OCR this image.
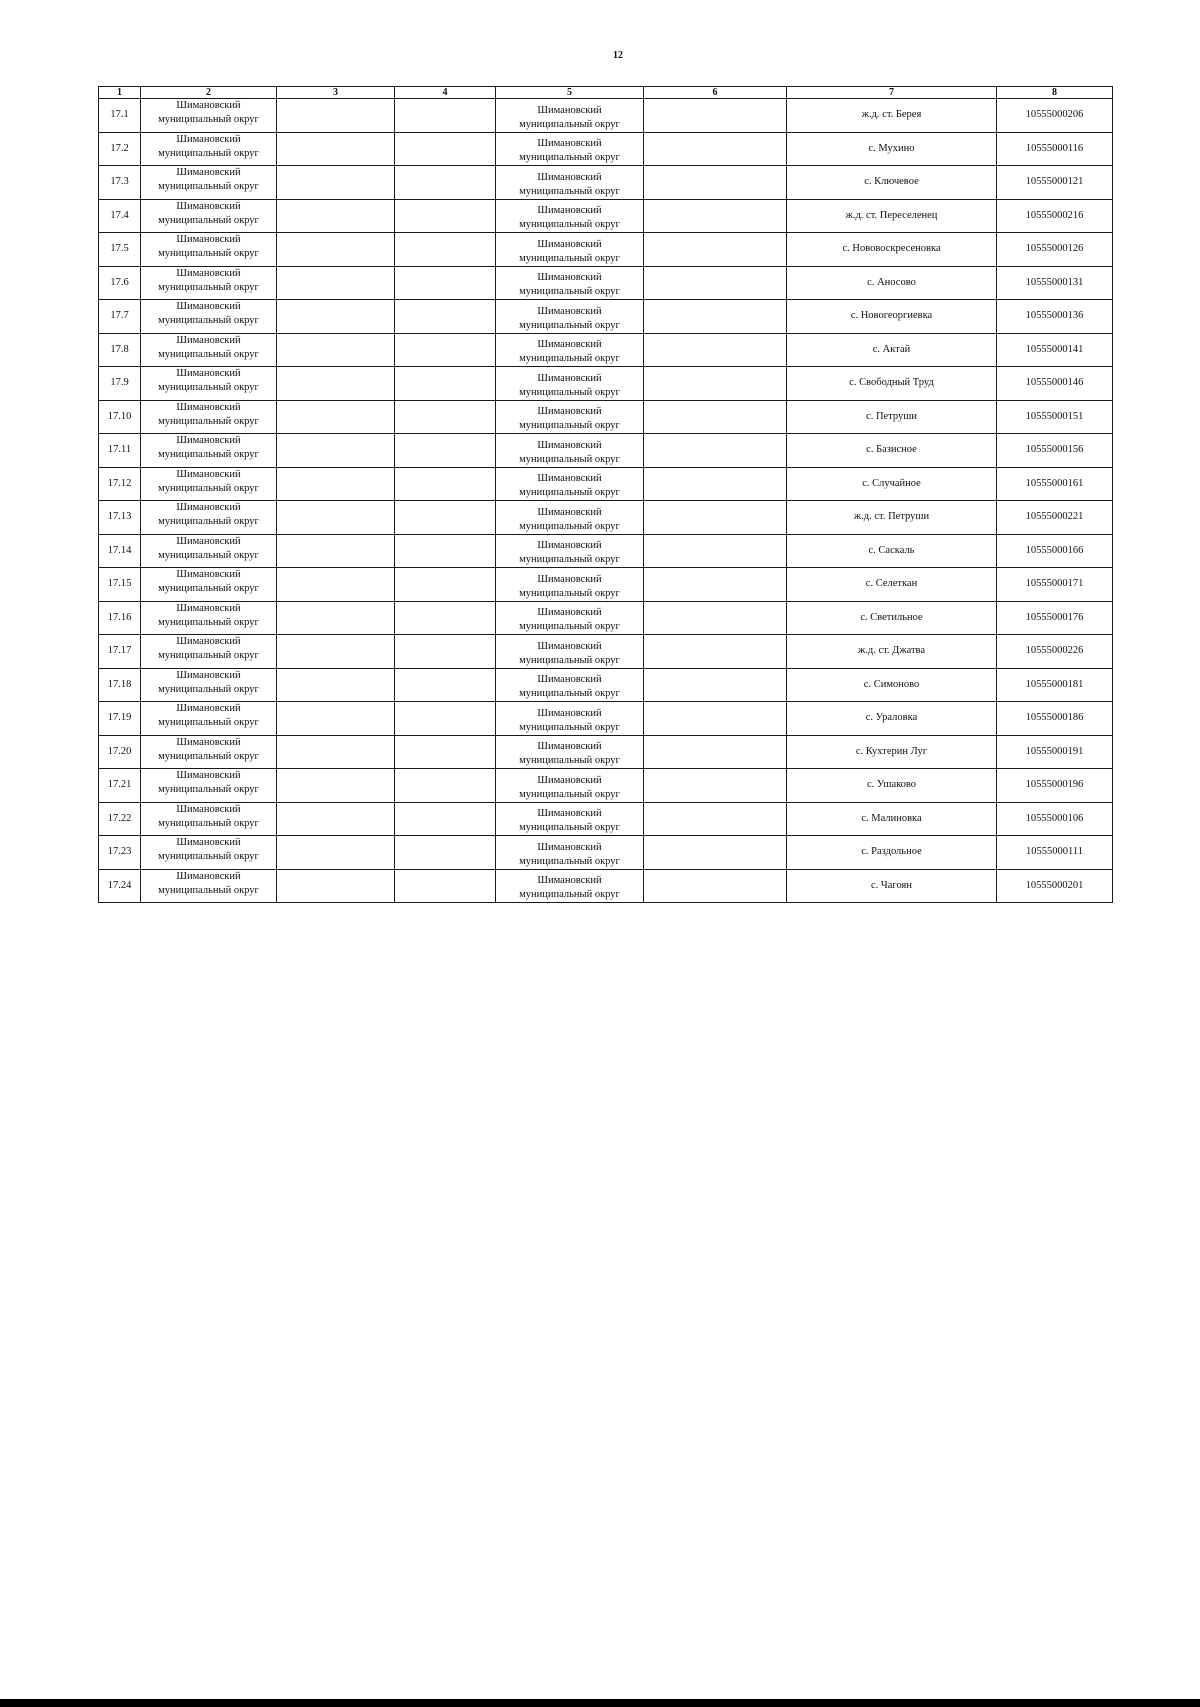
12
1	2	3	4	5	6	7	8
17.1	Шимановский
муниципальный округ			Шимановский
муниципальный округ		ж.д. ст. Берея	10555000206
17.2	Шимановский
муниципальный округ			Шимановский
муниципальный округ		с. Мухино	10555000116
17.3	Шимановский
муниципальный округ			Шимановский
муниципальный округ		с. Ключевое	10555000121
17.4	Шимановский
муниципальный округ			Шимановский
муниципальный округ		ж.д. ст. Переселенец	10555000216
17.5	Шимановский
муниципальный округ			Шимановский
муниципальный округ		с. Нововоскресеновка	10555000126
17.6	Шимановский
муниципальный округ			Шимановский
муниципальный округ		с. Аносово	10555000131
17.7	Шимановский
муниципальный округ			Шимановский
муниципальный округ		с. Новогеоргиевка	10555000136
17.8	Шимановский
муниципальный округ			Шимановский
муниципальный округ		с. Актай	10555000141
17.9	Шимановский
муниципальный округ			Шимановский
муниципальный округ		с. Свободный Труд	10555000146
17.10	Шимановский
муниципальный округ			Шимановский
муниципальный округ		с. Петруши	10555000151
17.11	Шимановский
муниципальный округ			Шимановский
муниципальный округ		с. Базисное	10555000156
17.12	Шимановский
муниципальный округ			Шимановский
муниципальный округ		с. Случайное	10555000161
17.13	Шимановский
муниципальный округ			Шимановский
муниципальный округ		ж.д. ст. Петруши	10555000221
17.14	Шимановский
муниципальный округ			Шимановский
муниципальный округ		с. Саскаль	10555000166
17.15	Шимановский
муниципальный округ			Шимановский
муниципальный округ		с. Селеткан	10555000171
17.16	Шимановский
муниципальный округ			Шимановский
муниципальный округ		с. Светильное	10555000176
17.17	Шимановский
муниципальный округ			Шимановский
муниципальный округ		ж.д. ст. Джатва	10555000226
17.18	Шимановский
муниципальный округ			Шимановский
муниципальный округ		с. Симоново	10555000181
17.19	Шимановский
муниципальный округ			Шимановский
муниципальный округ		с. Ураловка	10555000186
17.20	Шимановский
муниципальный округ			Шимановский
муниципальный округ		с. Кухтерин Луг	10555000191
17.21	Шимановский
муниципальный округ			Шимановский
муниципальный округ		с. Ушаково	10555000196
17.22	Шимановский
муниципальный округ			Шимановский
муниципальный округ		с. Малиновка	10555000106
17.23	Шимановский
муниципальный округ			Шимановский
муниципальный округ		с. Раздольное	10555000111
17.24	Шимановский
муниципальный округ			Шимановский
муниципальный округ		с. Чагоян	10555000201
